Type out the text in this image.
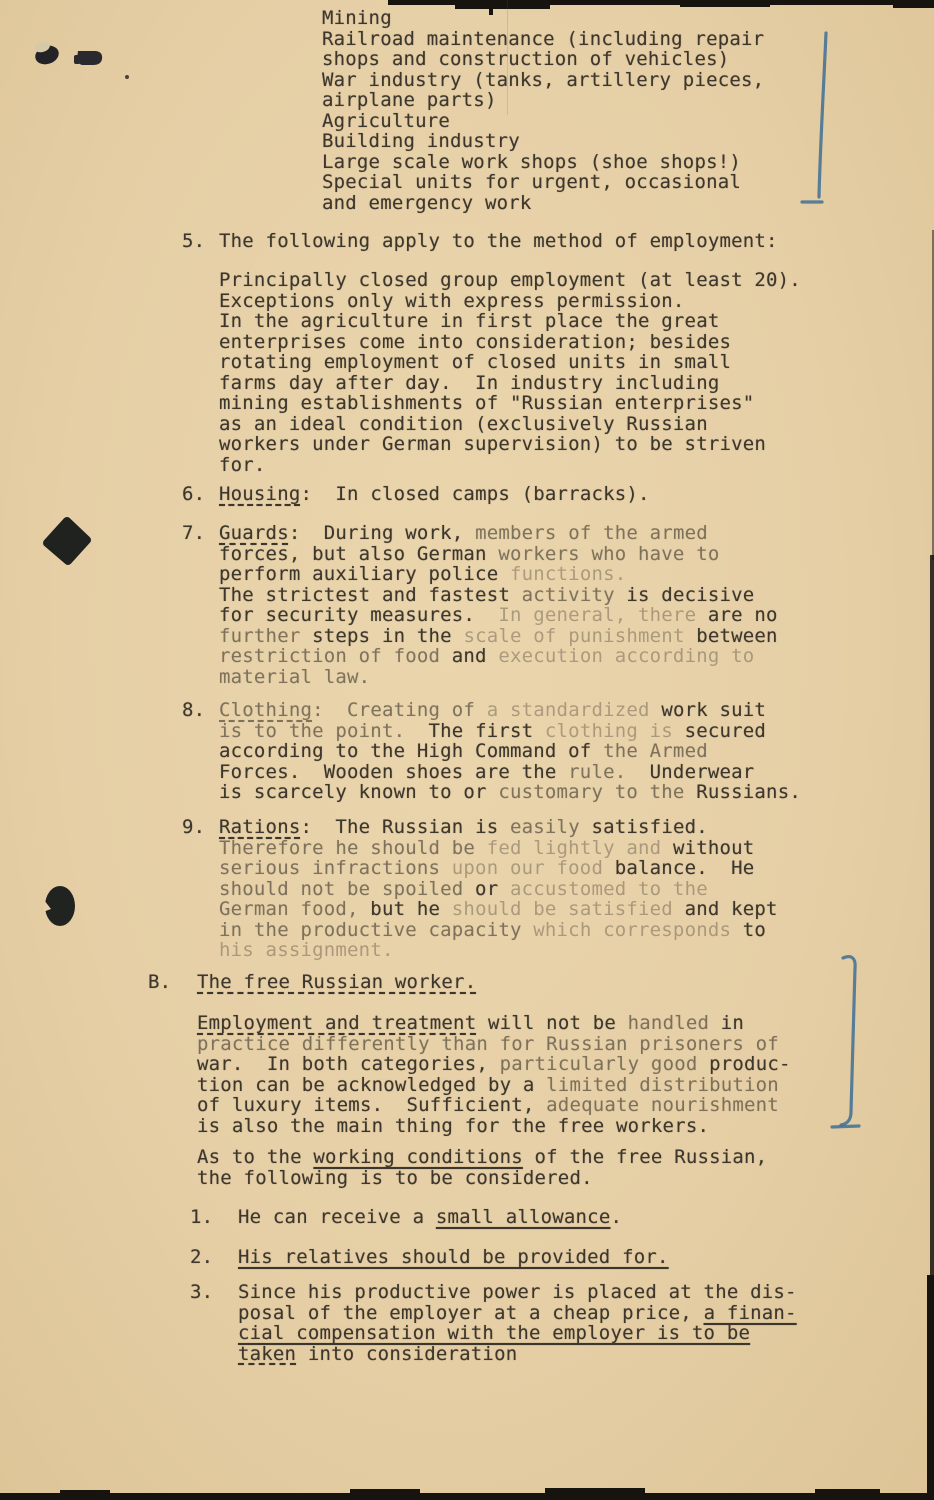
Mining
Railroad maintenance (including repair
shops and construction of vehicles)
War industry (tanks, artillery pieces,
airplane parts)
Agriculture
Building industry
Large scale work shops (shoe shops!)
Special units for urgent, occasional
and emergency work
5. The following apply to the method of employment:
Principally closed group employment (at least 20).
Exceptions only with express permission.
In the agriculture in first place the great
enterprises come into consideration; besides
rotating employment of closed units in small
farms day after day.  In industry including
mining establishments of "Russian enterprises"
as an ideal condition (exclusively Russian
workers under German supervision) to be striven
for.
6. Housing:  In closed camps (barracks).
7. Guards:  During work, members of the armed
forces, but also German workers who have to
perform auxiliary police functions.
The strictest and fastest activity is decisive
for security measures.  In general, there are no
further steps in the scale of punishment between
restriction of food and execution according to
material law.
8. Clothing:  Creating of a standardized work suit
is to the point.  The first clothing is secured
according to the High Command of the Armed
Forces.  Wooden shoes are the rule.  Underwear
is scarcely known to or customary to the Russians.
9. Rations:  The Russian is easily satisfied.
Therefore he should be fed lightly and without
serious infractions upon our food balance.  He
should not be spoiled or accustomed to the
German food, but he should be satisfied and kept
in the productive capacity which corresponds to
his assignment.
B. The free Russian worker.
Employment and treatment will not be handled in
practice differently than for Russian prisoners of
war.  In both categories, particularly good produc-
tion can be acknowledged by a limited distribution
of luxury items.  Sufficient, adequate nourishment
is also the main thing for the free workers.
As to the working conditions of the free Russian,
the following is to be considered.
1. He can receive a small allowance.
2. His relatives should be provided for.
3. Since his productive power is placed at the dis-
posal of the employer at a cheap price, a finan-
cial compensation with the employer is to be
taken into consideration
